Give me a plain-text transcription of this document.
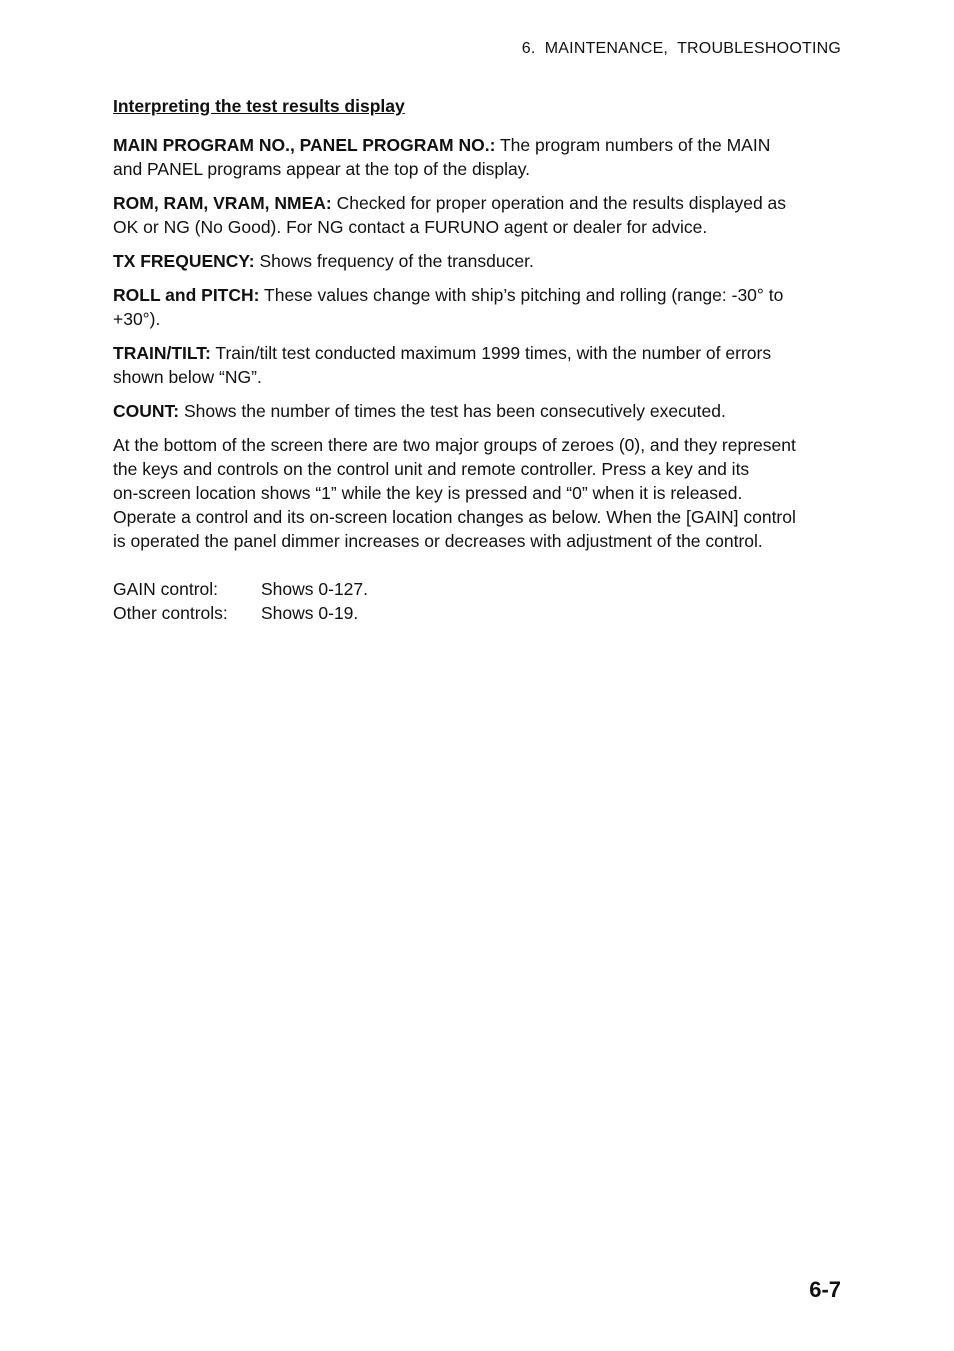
6.  MAINTENANCE,  TROUBLESHOOTING
Interpreting the test results display

MAIN PROGRAM NO., PANEL PROGRAM NO.: The program numbers of the MAIN
and PANEL programs appear at the top of the display.

ROM, RAM, VRAM, NMEA: Checked for proper operation and the results displayed as
OK or NG (No Good). For NG contact a FURUNO agent or dealer for advice.

TX FREQUENCY: Shows frequency of the transducer.

ROLL and PITCH: These values change with ship’s pitching and rolling (range: -30° to
+30°).

TRAIN/TILT: Train/tilt test conducted maximum 1999 times, with the number of errors
shown below “NG”.

COUNT: Shows the number of times the test has been consecutively executed.

At the bottom of the screen there are two major groups of zeroes (0), and they represent
the keys and controls on the control unit and remote controller. Press a key and its
on-screen location shows “1” while the key is pressed and “0” when it is released.
Operate a control and its on-screen location changes as below. When the [GAIN] control
is operated the panel dimmer increases or decreases with adjustment of the control.

GAIN control:	Shows 0-127.
Other controls:	Shows 0-19.
6-7
